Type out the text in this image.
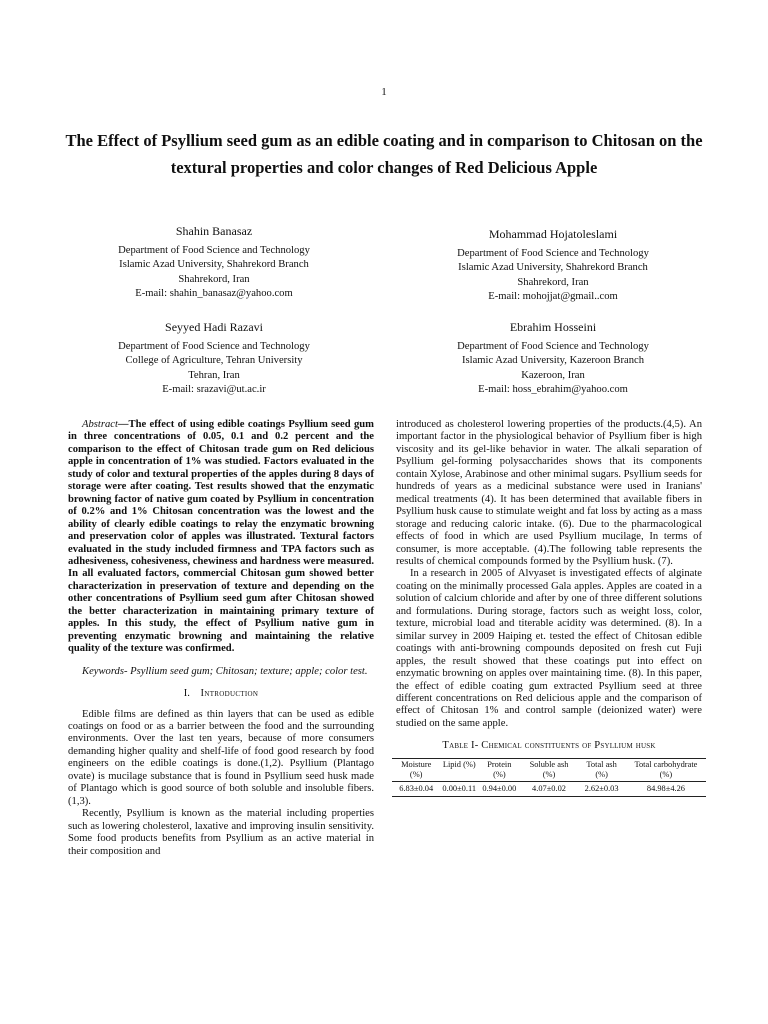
1
The Effect of Psyllium seed gum as an edible coating and in comparison to Chitosan on the textural properties and color changes of Red Delicious Apple
Shahin Banasaz
Department of Food Science and Technology
Islamic Azad University, Shahrekord Branch
Shahrekord, Iran
E-mail: shahin_banasaz@yahoo.com
Mohammad Hojatoleslami
Department of Food Science and Technology
Islamic Azad University, Shahrekord Branch
Shahrekord, Iran
E-mail: mohojjat@gmail..com
Seyyed Hadi Razavi
Department of Food Science and Technology
College of Agriculture, Tehran University
Tehran, Iran
E-mail: srazavi@ut.ac.ir
Ebrahim Hosseini
Department of Food Science and Technology
Islamic Azad University, Kazeroon Branch
Kazeroon, Iran
E-mail: hoss_ebrahim@yahoo.com

Abstract—The effect of using edible coatings Psyllium seed gum in three concentrations of 0.05, 0.1 and 0.2 percent and the comparison to the effect of Chitosan trade gum on Red delicious apple in concentration of 1% was studied. Factors evaluated in the study of color and textural properties of the apples during 8 days of storage were after coating. Test results showed that the enzymatic browning factor of native gum coated by Psyllium in concentration of 0.2% and 1% Chitosan concentration was the lowest and the ability of clearly edible coatings to relay the enzymatic browning and preservation color of apples was illustrated. Textural factors evaluated in the study included firmness and TPA factors such as adhesiveness, cohesiveness, chewiness and hardness were measured. In all evaluated factors, commercial Chitosan gum showed better characterization in preservation of texture and depending on the other concentrations of Psyllium seed gum after Chitosan showed the better characterization in maintaining primary texture of apples. In this study, the effect of Psyllium native gum in preventing enzymatic browning and maintaining the relative quality of the texture was confirmed.

Keywords- Psyllium seed gum; Chitosan; texture; apple; color test.

I. Introduction

Edible films are defined as thin layers that can be used as edible coatings on food or as a barrier between the food and the surrounding environments. Over the last ten years, because of more consumers demanding higher quality and shelf-life of food good research by food engineers on the edible coatings is done.(1,2). Psyllium (Plantago ovate) is mucilage substance that is found in Psyllium seed husk made of Plantago which is good source of both soluble and insoluble fibers. (1,3).

Recently, Psyllium is known as the material including properties such as lowering cholesterol, laxative and improving insulin sensitivity. Some food products benefits from Psyllium as an active material in their composition and

introduced as cholesterol lowering properties of the products.(4,5). An important factor in the physiological behavior of Psyllium fiber is high viscosity and its gel-like behavior in water. The alkali separation of Psyllium gel-forming polysaccharides shows that its components contain Xylose, Arabinose and other minimal sugars. Psyllium seeds for hundreds of years as a medicinal substance were used in Iranians' medical treatments (4). It has been determined that available fibers in Psyllium husk cause to stimulate weight and fat loss by acting as a mass storage and reducing caloric intake. (6). Due to the pharmacological effects of food in which are used Psyllium mucilage, In terms of consumer, is more acceptable. (4).The following table represents the results of chemical compounds formed by the Psyllium husk. (7).

In a research in 2005 of Alvyaset is investigated effects of alginate coating on the minimally processed Gala apples. Apples are coated in a solution of calcium chloride and after by one of three different solutions and formulations. During storage, factors such as weight loss, color, texture, microbial load and titerable acidity was determined. (8). In a similar survey in 2009 Haiping et. tested the effect of Chitosan edible coatings with anti-browning compounds deposited on fresh cut Fuji apples, the result showed that these coatings put into effect on enzymatic browning on apples over maintaining time. (8). In this paper, the effect of edible coating gum extracted Psyllium seed at three different concentrations on Red delicious apple and the comparison of effect of Chitosan 1% and control sample (deionized water) were studied on the same apple.

Table I- Chemical constituents of Psyllium husk

Moisture (%)	Lipid (%)	Protein (%)	Soluble ash (%)	Total ash (%)	Total carbohydrate (%)
6.83±0.04	0.00±0.11	0.94±0.00	4.07±0.02	2.62±0.03	84.98±4.26
